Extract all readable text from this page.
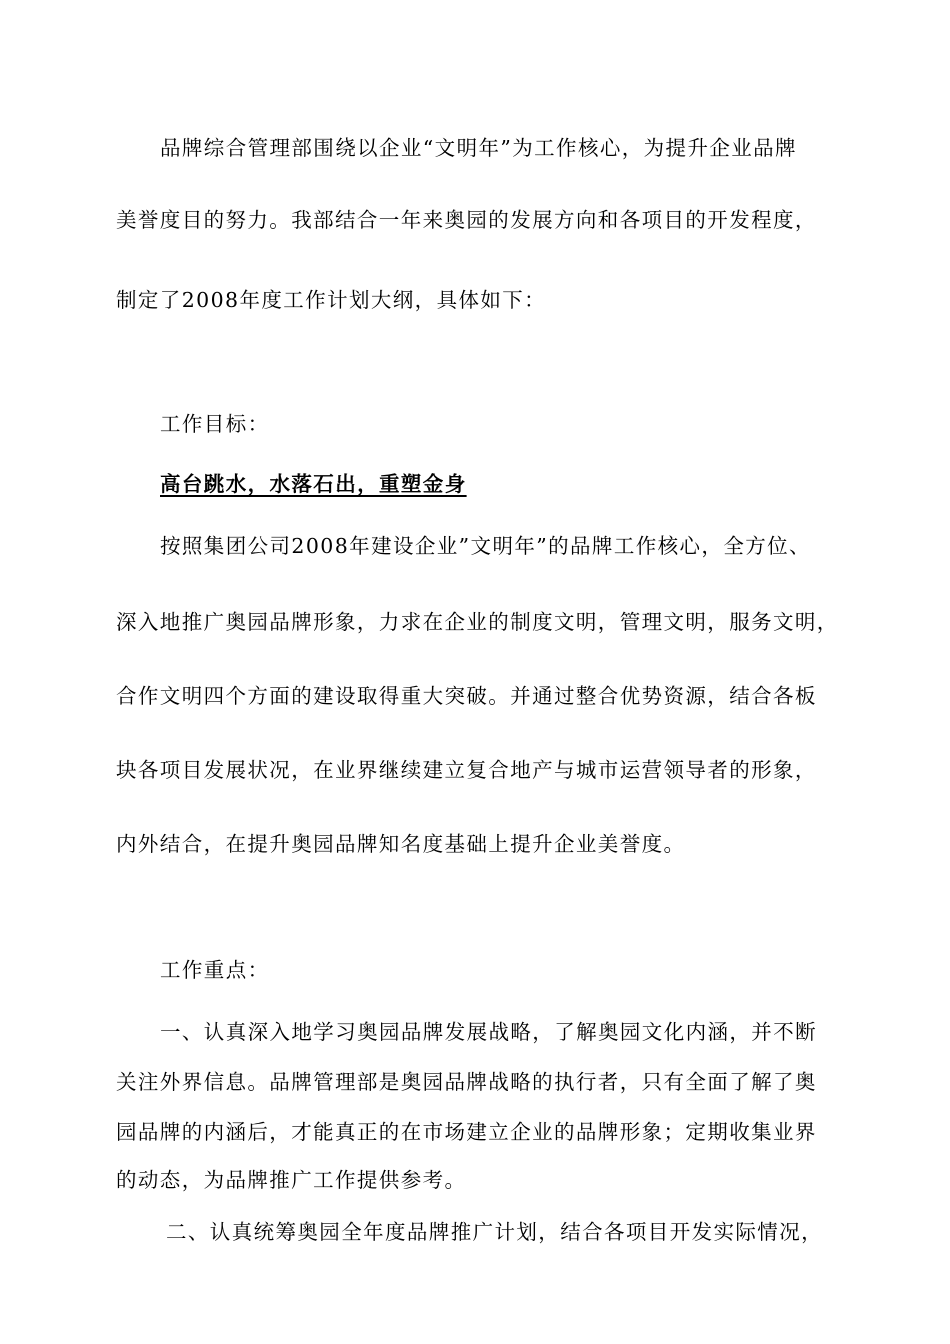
品牌综合管理部围绕以企业“文明年”为工作核心，为提升企业品牌
美誉度目的努力。我部结合一年来奥园的发展方向和各项目的开发程度，
制定了2008年度工作计划大纲，具体如下：
工作目标：
高台跳水，水落石出，重塑金身
按照集团公司2008年建设企业”文明年”的品牌工作核心，全方位、
深入地推广奥园品牌形象，力求在企业的制度文明，管理文明，服务文明，
合作文明四个方面的建设取得重大突破。并通过整合优势资源，结合各板
块各项目发展状况，在业界继续建立复合地产与城市运营领导者的形象，
内外结合，在提升奥园品牌知名度基础上提升企业美誉度。
工作重点：
一、认真深入地学习奥园品牌发展战略，了解奥园文化内涵，并不断
关注外界信息。品牌管理部是奥园品牌战略的执行者，只有全面了解了奥
园品牌的内涵后，才能真正的在市场建立企业的品牌形象；定期收集业界
的动态，为品牌推广工作提供参考。
二、认真统筹奥园全年度品牌推广计划，结合各项目开发实际情况，
